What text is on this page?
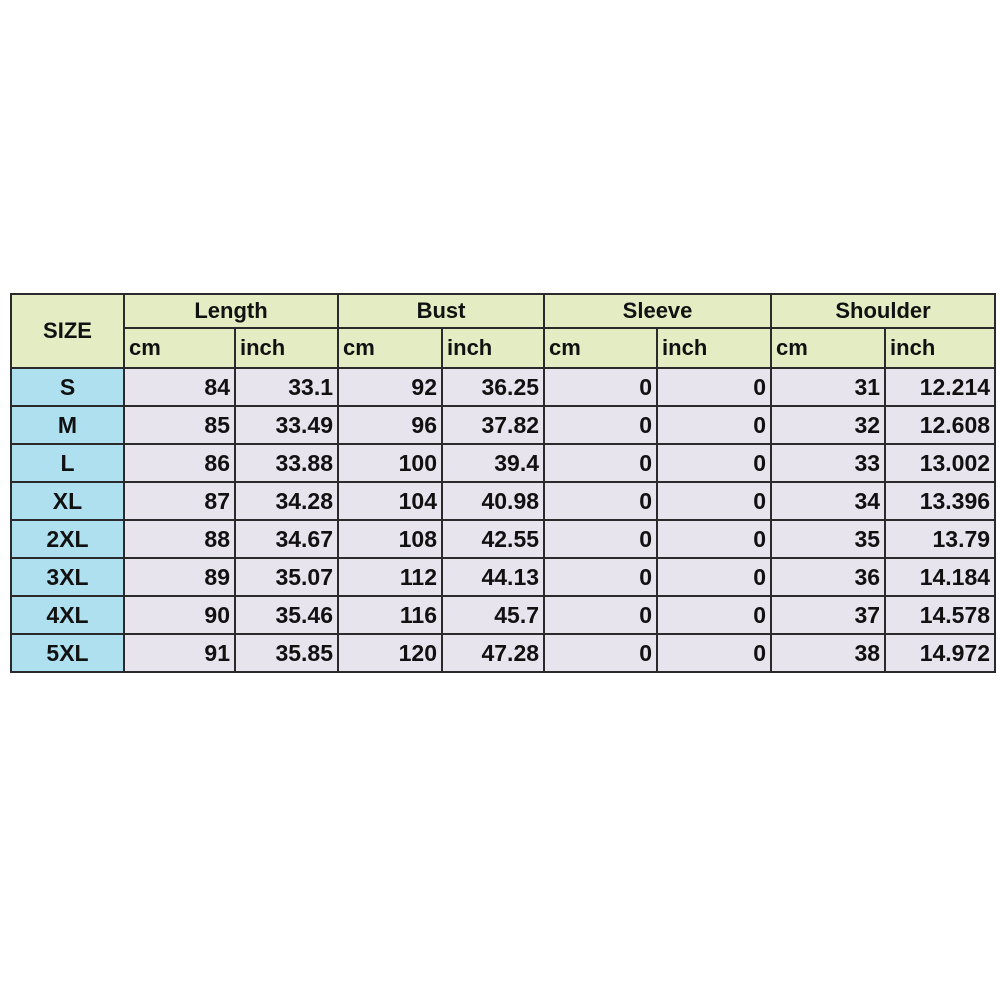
SIZE	Length		Bust		Sleeve		Shoulder	
	cm	inch	cm	inch	cm	inch	cm	inch
S	84	33.1	92	36.25	0	0	31	12.214
M	85	33.49	96	37.82	0	0	32	12.608
L	86	33.88	100	39.4	0	0	33	13.002
XL	87	34.28	104	40.98	0	0	34	13.396
2XL	88	34.67	108	42.55	0	0	35	13.79
3XL	89	35.07	112	44.13	0	0	36	14.184
4XL	90	35.46	116	45.7	0	0	37	14.578
5XL	91	35.85	120	47.28	0	0	38	14.972
